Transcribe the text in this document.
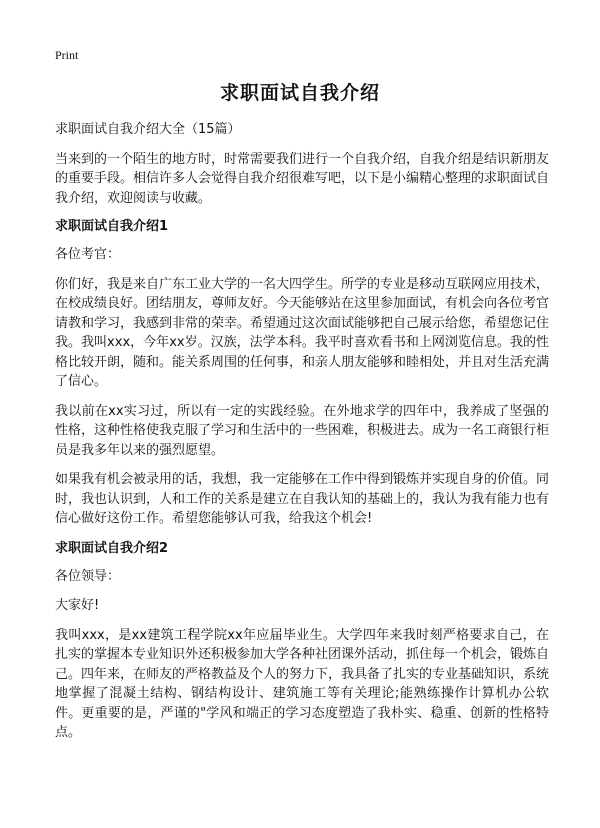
Print
求职面试自我介绍

求职面试自我介绍大全（15篇）

当来到的一个陌生的地方时，时常需要我们进行一个自我介绍，自我介绍是结识新朋友的重要手段。相信许多人会觉得自我介绍很难写吧，以下是小编精心整理的求职面试自我介绍，欢迎阅读与收藏。

求职面试自我介绍1

各位考官：

你们好，我是来自广东工业大学的一名大四学生。所学的专业是移动互联网应用技术，在校成绩良好。团结朋友，尊师友好。今天能够站在这里参加面试，有机会向各位考官请教和学习，我感到非常的荣幸。希望通过这次面试能够把自己展示给您，希望您记住我。我叫xxx，今年xx岁。汉族，法学本科。我平时喜欢看书和上网浏览信息。我的性格比较开朗，随和。能关系周围的任何事，和亲人朋友能够和睦相处，并且对生活充满了信心。

我以前在xx实习过，所以有一定的实践经验。在外地求学的四年中，我养成了坚强的性格，这种性格使我克服了学习和生活中的一些困难，积极进去。成为一名工商银行柜员是我多年以来的强烈愿望。

如果我有机会被录用的话，我想，我一定能够在工作中得到锻炼并实现自身的价值。同时，我也认识到，人和工作的关系是建立在自我认知的基础上的，我认为我有能力也有信心做好这份工作。希望您能够认可我，给我这个机会!

求职面试自我介绍2

各位领导：

大家好!

我叫xxx，是xx建筑工程学院xx年应届毕业生。大学四年来我时刻严格要求自己，在扎实的掌握本专业知识外还积极参加大学各种社团课外活动，抓住每一个机会，锻炼自己。四年来，在师友的严格教益及个人的努力下，我具备了扎实的专业基础知识，系统地掌握了混凝土结构、钢结构设计、建筑施工等有关理论;能熟练操作计算机办公软件。更重要的是，严谨的"学风和端正的学习态度塑造了我朴实、稳重、创新的性格特点。
